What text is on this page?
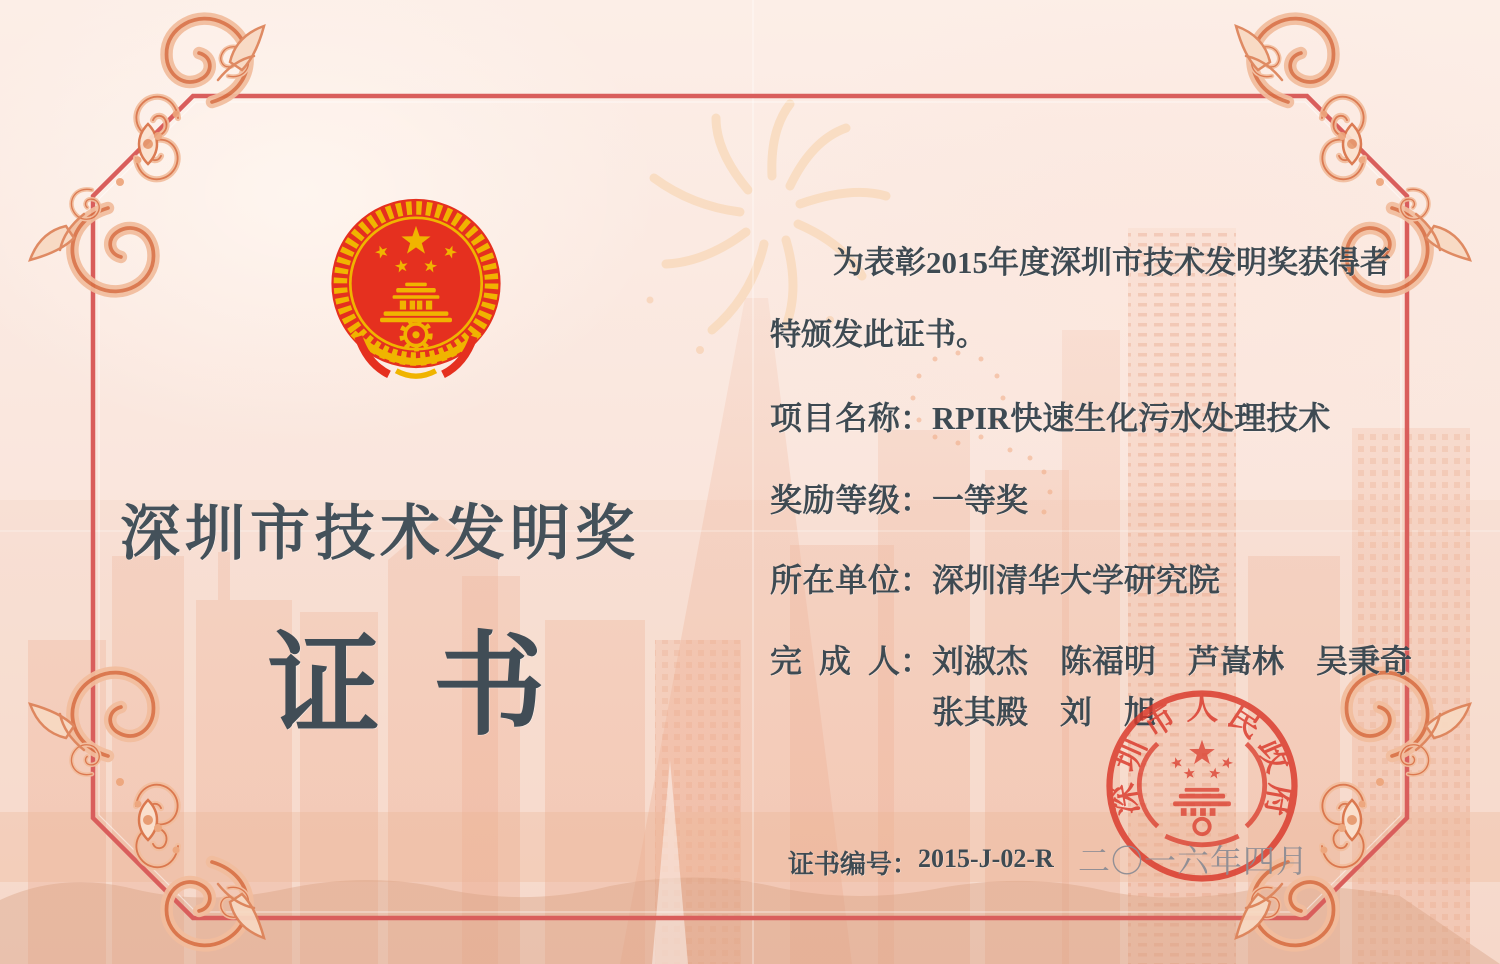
深圳市技术发明奖
证书
为表彰2015年度深圳市技术发明奖获得者
特颁发此证书。
项目名称：RPIR快速生化污水处理技术
奖励等级：一等奖
所在单位：深圳清华大学研究院
完成人：刘淑杰　陈福明　芦嵩林　吴秉奇
张其殿　刘　旭
证书编号：2015-J-02-R
深圳市人民政府
二〇一六年四月
